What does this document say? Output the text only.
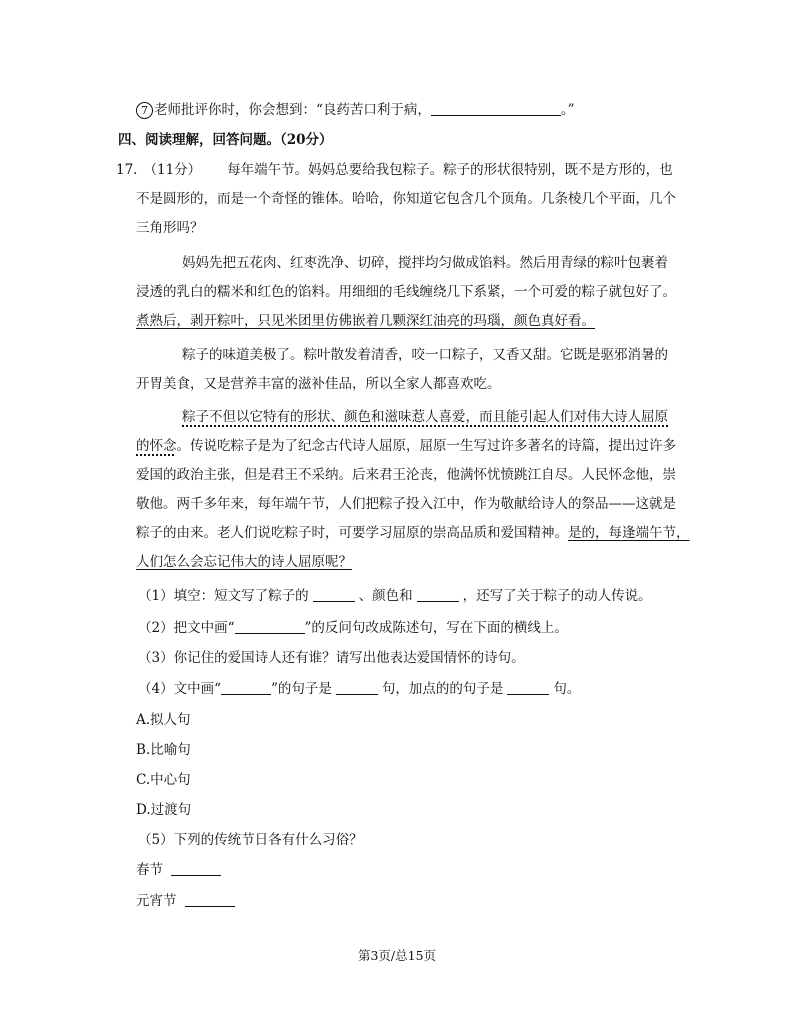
7 老师批评你时，你会想到：“良药苦口利于病，	。”
四、阅读理解，回答问题。（20分）
17. （11分） 每年端午节。妈妈总要给我包粽子。粽子的形状很特别，既不是方形的，也
不是圆形的，而是一个奇怪的锥体。哈哈，你知道它包含几个顶角。几条棱几个平面，几个
三角形吗？
妈妈先把五花肉、红枣洗净、切碎，搅拌均匀做成馅料。然后用青绿的粽叶包裹着
浸透的乳白的糯米和红色的馅料。用细细的毛线缠绕几下系紧，一个可爱的粽子就包好了。
煮熟后，剥开粽叶，只见米团里仿佛嵌着几颗深红油亮的玛瑙，颜色真好看。
粽子的味道美极了。粽叶散发着清香，咬一口粽子，又香又甜。它既是驱邪消暑的
开胃美食，又是营养丰富的滋补佳品，所以全家人都喜欢吃。
粽子不但以它特有的形状、颜色和滋味惹人喜爱，而且能引起人们对伟大诗人屈原
的怀念。传说吃粽子是为了纪念古代诗人屈原，屈原一生写过许多著名的诗篇，提出过许多
爱国的政治主张，但是君王不采纳。后来君王沦丧，他满怀忧愤跳江自尽。人民怀念他，崇
敬他。两千多年来，每年端午节，人们把粽子投入江中，作为敬献给诗人的祭品——这就是
粽子的由来。老人们说吃粽子时，可要学习屈原的崇高品质和爱国精神。是的，每逢端午节，
人们怎么会忘记伟大的诗人屈原呢？
（1）填空：短文写了粽子的	、颜色和	，还写了关于粽子的动人传说。
（2）把文中画“	”的反问句改成陈述句，写在下面的横线上。
（3）你记住的爱国诗人还有谁？请写出他表达爱国情怀的诗句。
（4）文中画“	”的句子是	句，加点的的句子是	句。
A.拟人句
B.比喻句
C.中心句
D.过渡句
（5）下列的传统节日各有什么习俗？
春节
元宵节
第3页/总15页
